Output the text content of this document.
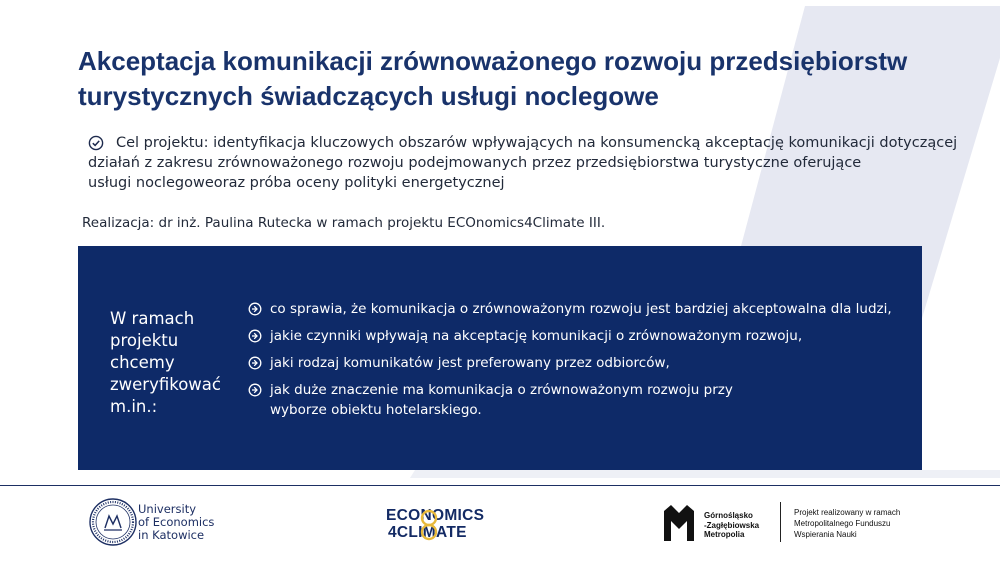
Akceptacja komunikacji zrównoważonego rozwoju przedsiębiorstw
turystycznych świadczących usługi noclegowe
Cel projektu: identyfikacja kluczowych obszarów wpływających na konsumencką akceptację komunikacji dotyczącej
działań z zakresu zrównoważonego rozwoju podejmowanych przez przedsiębiorstwa turystyczne oferujące
usługi noclegoweoraz próba oceny polityki energetycznej
Realizacja: dr inż. Paulina Rutecka w ramach projektu ECOnomics4Climate III.
W ramach
projektu
chcemy
zweryfikować
m.in.:
co sprawia, że komunikacja o zrównoważonym rozwoju jest bardziej akceptowalna dla ludzi,
jakie czynniki wpływają na akceptację komunikacji o zrównoważonym rozwoju,
jaki rodzaj komunikatów jest preferowany przez odbiorców,
jak duże znaczenie ma komunikacja o zrównoważonym rozwoju przy wyborze obiektu hotelarskiego.
University
of Economics
in Katowice
ECONOMICS
4CLIMATE
Górnośląsko
-Zagłębiowska
Metropolia
Projekt realizowany w ramach
Metropolitalnego Funduszu
Wspierania Nauki
